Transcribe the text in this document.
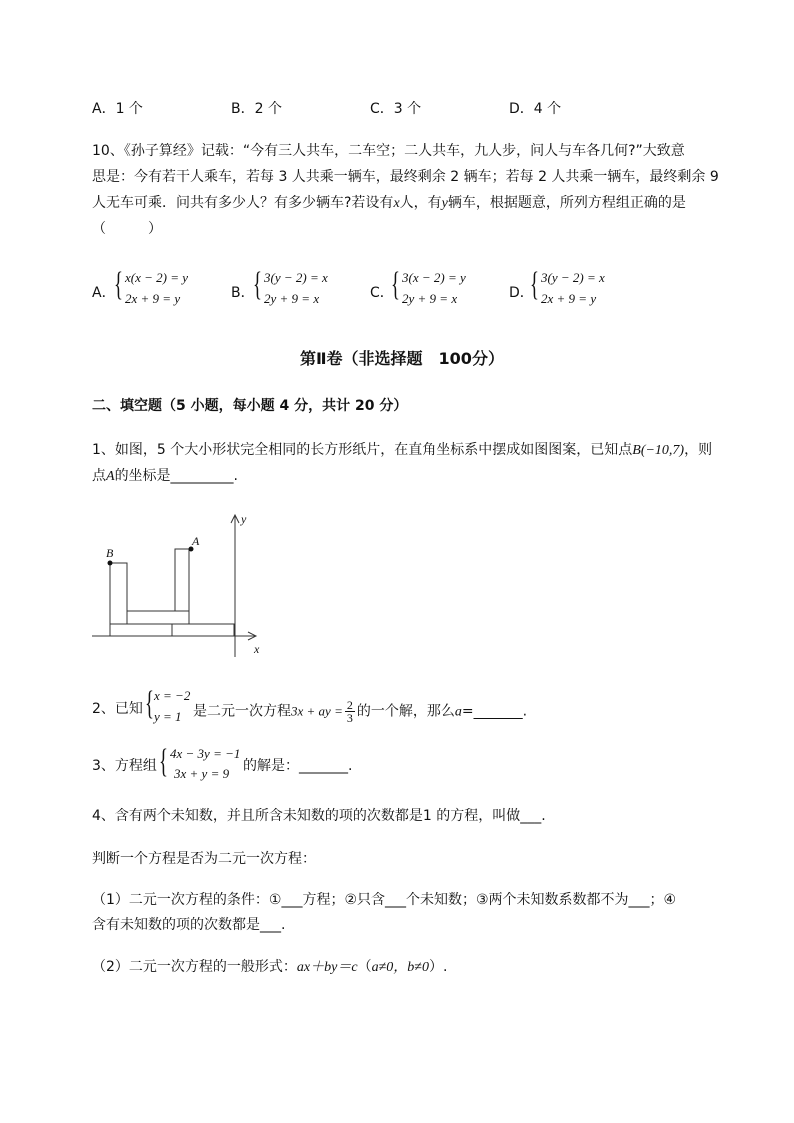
A．1 个	B．2 个	C．3 个	D．4 个
10、《孙子算经》记载：“今有三人共车，二车空；二人共车，九人步，问人与车各几何?”大致意
思是：今有若干人乘车，若每 3 人共乘一辆车，最终剩余 2 辆车；若每 2 人共乘一辆车，最终剩余 9
人无车可乘．问共有多少人？有多少辆车?若设有x人，有y辆车，根据题意，所列方程组正确的是
（　　　）
A．
{ x(x − 2) = y
2x + 9 = y	B．
{ 3(y − 2) = x
2y + 9 = x	C．
{ 3(x − 2) = y
2y + 9 = x	D．
{ 3(y − 2) = x
2x + 9 = y
第Ⅱ卷（非选择题　100分）
二、填空题（5 小题，每小题 4 分，共计 20 分）
1、如图，5 个大小形状完全相同的长方形纸片，在直角坐标系中摆成如图图案，已知点B(−10,7)，则
点A的坐标是_________.
B
A
x
y
2、已知 { x = −2
y = 1 是二元一次方程3x + ay = $\frac{2}{3}$ 的一个解，那么a=_______.
3、方程组 { 4x − 3y = −1
3x + y = 9 的解是：_______.
4、含有两个未知数，并且所含未知数的项的次数都是1 的方程，叫做___.
判断一个方程是否为二元一次方程：
（1）二元一次方程的条件：①___方程；②只含___个未知数；③两个未知数系数都不为___；④
含有未知数的项的次数都是___.
（2）二元一次方程的一般形式：ax＋by＝c（a≠0，b≠0）.
